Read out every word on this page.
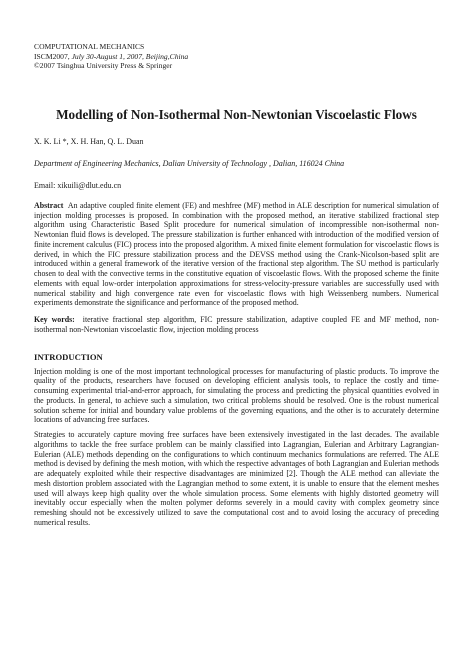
COMPUTATIONAL MECHANICS
ISCM2007, July 30-August 1, 2007, Beijing,China
©2007 Tsinghua University Press & Springer
Modelling of Non-Isothermal Non-Newtonian Viscoelastic Flows
X. K. Li *, X. H. Han, Q. L. Duan
Department of Engineering Mechanics, Dalian University of Technology , Dalian, 116024 China
Email: xikuili@dlut.edu.cn
Abstract An adaptive coupled finite element (FE) and meshfree (MF) method in ALE description for numerical simulation of injection molding processes is proposed. In combination with the proposed method, an iterative stabilized fractional step algorithm using Characteristic Based Split procedure for numerical simulation of incompressible non-isothermal non-Newtonian fluid flows is developed. The pressure stabilization is further enhanced with introduction of the modified version of finite increment calculus (FIC) process into the proposed algorithm. A mixed finite element formulation for viscoelastic flows is derived, in which the FIC pressure stabilization process and the DEVSS method using the Crank-Nicolson-based split are introduced within a general framework of the iterative version of the fractional step algorithm. The SU method is particularly chosen to deal with the convective terms in the constitutive equation of viscoelastic flows. With the proposed scheme the finite elements with equal low-order interpolation approximations for stress-velocity-pressure variables are successfully used with numerical stability and high convergence rate even for viscoelastic flows with high Weissenberg numbers. Numerical experiments demonstrate the significance and performance of the proposed method.
Key words: iterative fractional step algorithm, FIC pressure stabilization, adaptive coupled FE and MF method, non-isothermal non-Newtonian viscoelastic flow, injection molding process
INTRODUCTION
Injection molding is one of the most important technological processes for manufacturing of plastic products. To improve the quality of the products, researchers have focused on developing efficient analysis tools, to replace the costly and time-consuming experimental trial-and-error approach, for simulating the process and predicting the physical quantities evolved in the products. In general, to achieve such a simulation, two critical problems should be resolved. One is the robust numerical solution scheme for initial and boundary value problems of the governing equations, and the other is to accurately determine locations of advancing free surfaces.
Strategies to accurately capture moving free surfaces have been extensively investigated in the last decades. The available algorithms to tackle the free surface problem can be mainly classified into Lagrangian, Eulerian and Arbitrary Lagrangian-Eulerian (ALE) methods depending on the configurations to which continuum mechanics formulations are referred. The ALE method is devised by defining the mesh motion, with which the respective advantages of both Lagrangian and Eulerian methods are adequately exploited while their respective disadvantages are minimized [2]. Though the ALE method can alleviate the mesh distortion problem associated with the Lagrangian method to some extent, it is unable to ensure that the element meshes used will always keep high quality over the whole simulation process. Some elements with highly distorted geometry will inevitably occur especially when the molten polymer deforms severely in a mould cavity with complex geometry since remeshing should not be excessively utilized to save the computational cost and to avoid losing the accuracy of preceding numerical results.
